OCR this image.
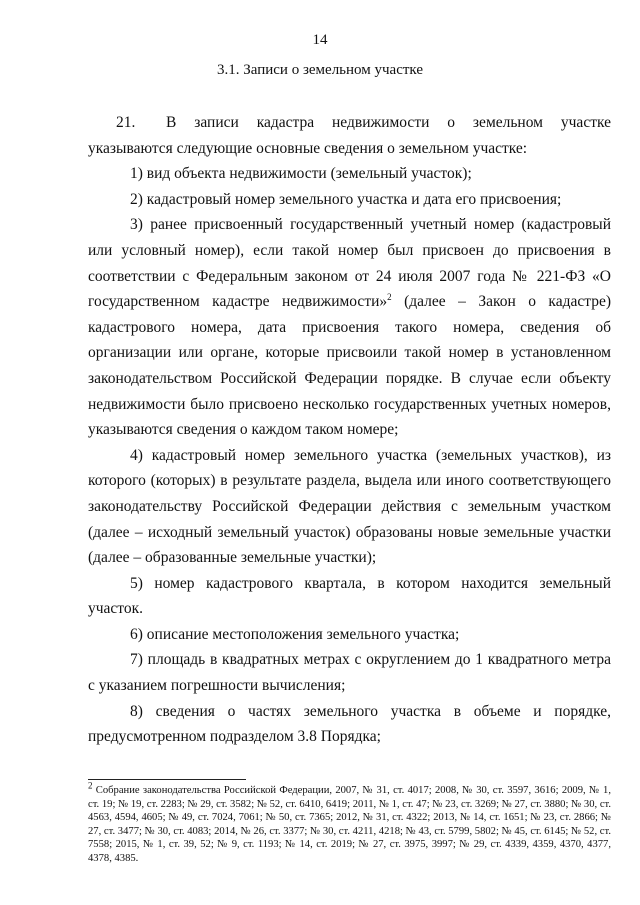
14
3.1. Записи о земельном участке

21. В записи кадастра недвижимости о земельном участке указываются следующие основные сведения о земельном участке:

1) вид объекта недвижимости (земельный участок);

2) кадастровый номер земельного участка и дата его присвоения;

3) ранее присвоенный государственный учетный номер (кадастровый или условный номер), если такой номер был присвоен до присвоения в соответствии с Федеральным законом от 24 июля 2007 года № 221-ФЗ «О государственном кадастре недвижимости»$^2$ (далее – Закон о кадастре) кадастрового номера, дата присвоения такого номера, сведения об организации или органе, которые присвоили такой номер в установленном законодательством Российской Федерации порядке. В случае если объекту недвижимости было присвоено несколько государственных учетных номеров, указываются сведения о каждом таком номере;

4) кадастровый номер земельного участка (земельных участков), из которого (которых) в результате раздела, выдела или иного соответствующего законодательству Российской Федерации действия с земельным участком (далее – исходный земельный участок) образованы новые земельные участки (далее – образованные земельные участки);

5) номер кадастрового квартала, в котором находится земельный участок.

6) описание местоположения земельного участка;

7) площадь в квадратных метрах с округлением до 1 квадратного метра с указанием погрешности вычисления;

8) сведения о частях земельного участка в объеме и порядке, предусмотренном подразделом 3.8 Порядка;

$^2$ Собрание законодательства Российской Федерации, 2007, № 31, ст. 4017; 2008, № 30, ст. 3597, 3616; 2009, № 1, ст. 19; № 19, ст. 2283; № 29, ст. 3582; № 52, ст. 6410, 6419; 2011, № 1, ст. 47; № 23, ст. 3269; № 27, ст. 3880; № 30, ст. 4563, 4594, 4605; № 49, ст. 7024, 7061; № 50, ст. 7365; 2012, № 31, ст. 4322; 2013, № 14, ст. 1651; № 23, ст. 2866; № 27, ст. 3477; № 30, ст. 4083; 2014, № 26, ст. 3377; № 30, ст. 4211, 4218; № 43, ст. 5799, 5802; № 45, ст. 6145; № 52, ст. 7558; 2015, № 1, ст. 39, 52; № 9, ст. 1193; № 14, ст. 2019; № 27, ст. 3975, 3997; № 29, ст. 4339, 4359, 4370, 4377, 4378, 4385.
